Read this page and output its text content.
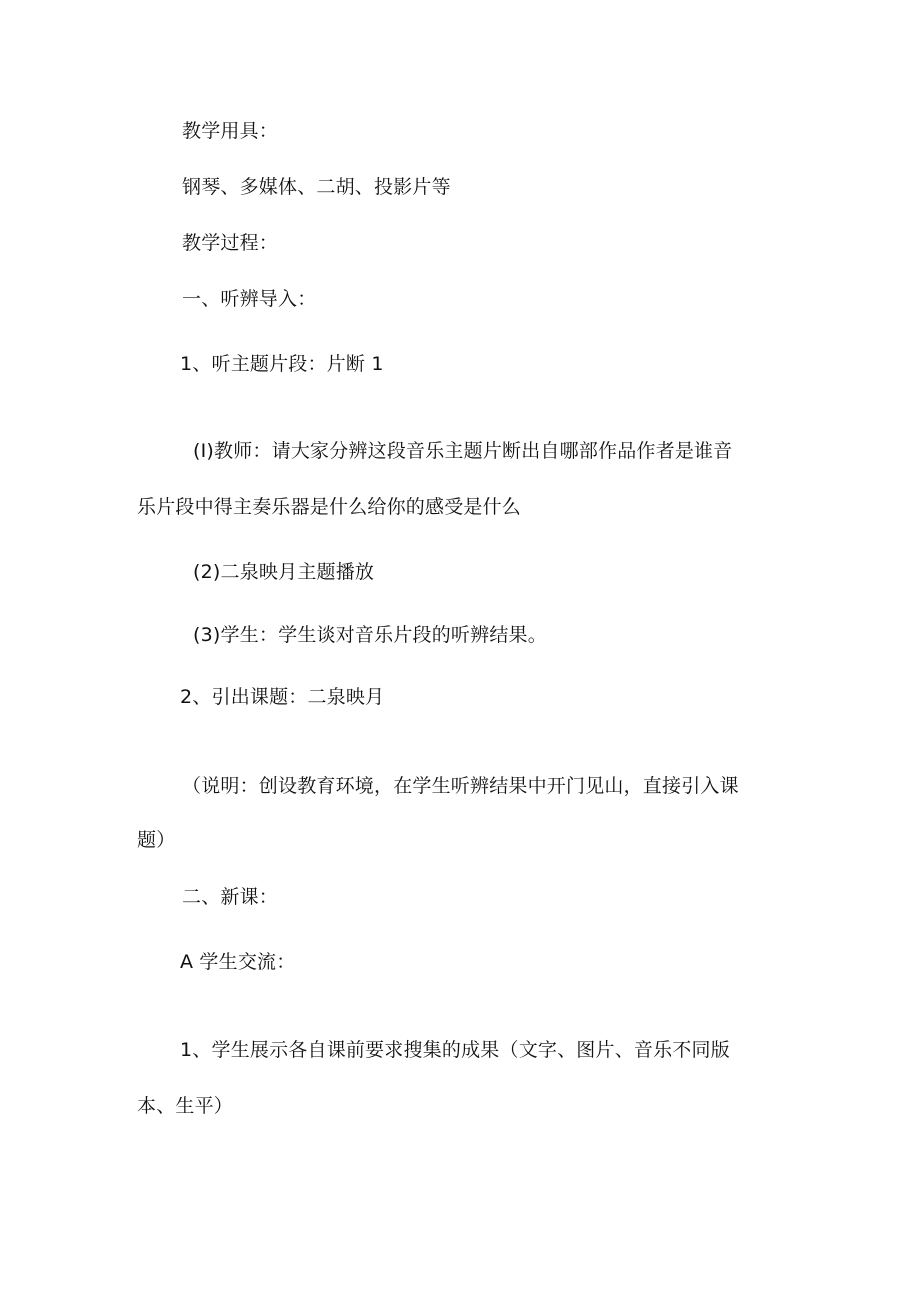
教学用具：
钢琴、多媒体、二胡、投影片等
教学过程：
一、听辨导入：
1、听主题片段：片断 1
(I)教师：请大家分辨这段音乐主题片断出自哪部作品作者是谁音
乐片段中得主奏乐器是什么给你的感受是什么
(2)二泉映月主题播放
(3)学生：学生谈对音乐片段的听辨结果。
2、引出课题：二泉映月
（说明：创设教育环境，在学生听辨结果中开门见山，直接引入课
题）
二、新课：
A 学生交流：
1、学生展示各自课前要求搜集的成果（文字、图片、音乐不同版
本、生平）
